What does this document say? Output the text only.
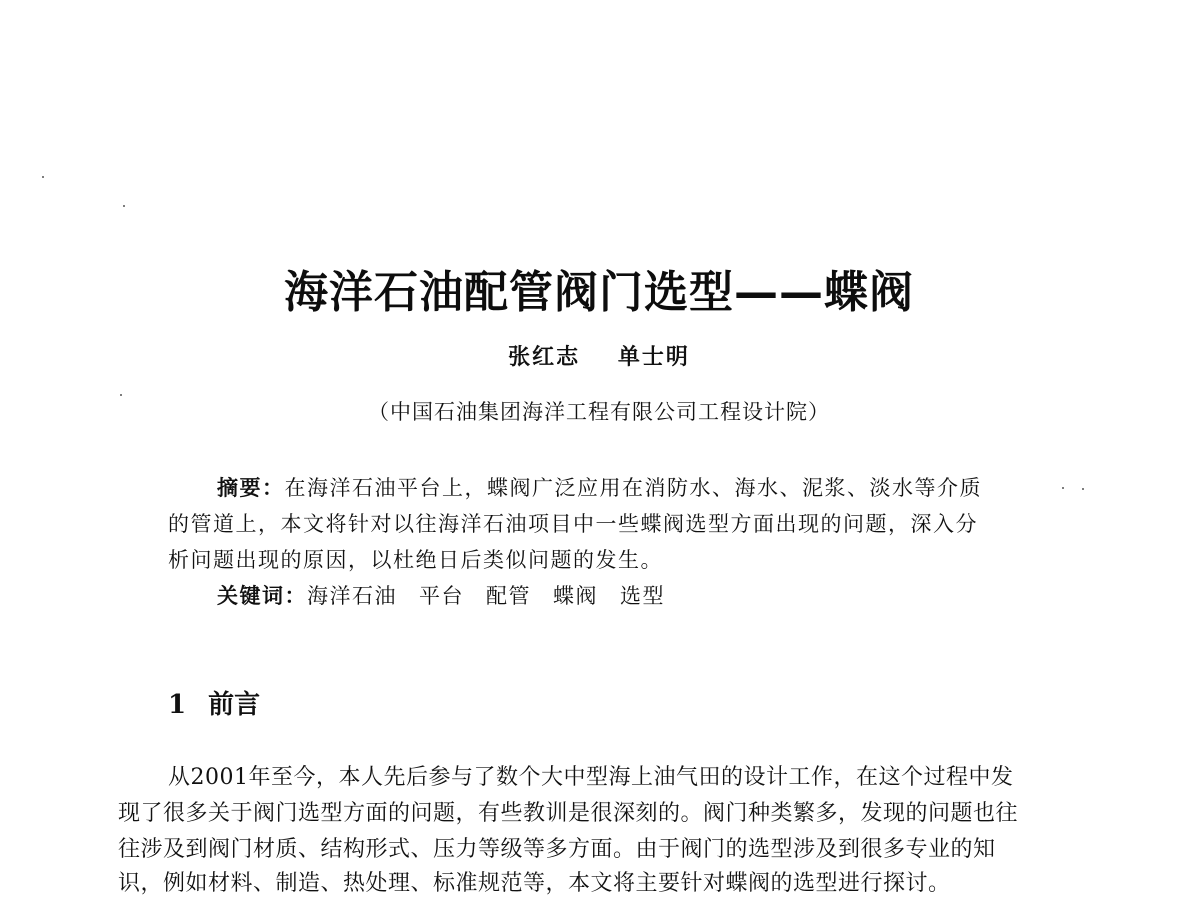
海洋石油配管阀门选型——蝶阀
张红志 单士明
（中国石油集团海洋工程有限公司工程设计院）
摘要：在海洋石油平台上，蝶阀广泛应用在消防水、海水、泥浆、淡水等介质
的管道上，本文将针对以往海洋石油项目中一些蝶阀选型方面出现的问题，深入分
析问题出现的原因，以杜绝日后类似问题的发生。
关键词：海洋石油 平台 配管 蝶阀 选型
1 前言
从2001年至今，本人先后参与了数个大中型海上油气田的设计工作，在这个过程中发
现了很多关于阀门选型方面的问题，有些教训是很深刻的。阀门种类繁多，发现的问题也往
往涉及到阀门材质、结构形式、压力等级等多方面。由于阀门的选型涉及到很多专业的知
识，例如材料、制造、热处理、标准规范等，本文将主要针对蝶阀的选型进行探讨。
